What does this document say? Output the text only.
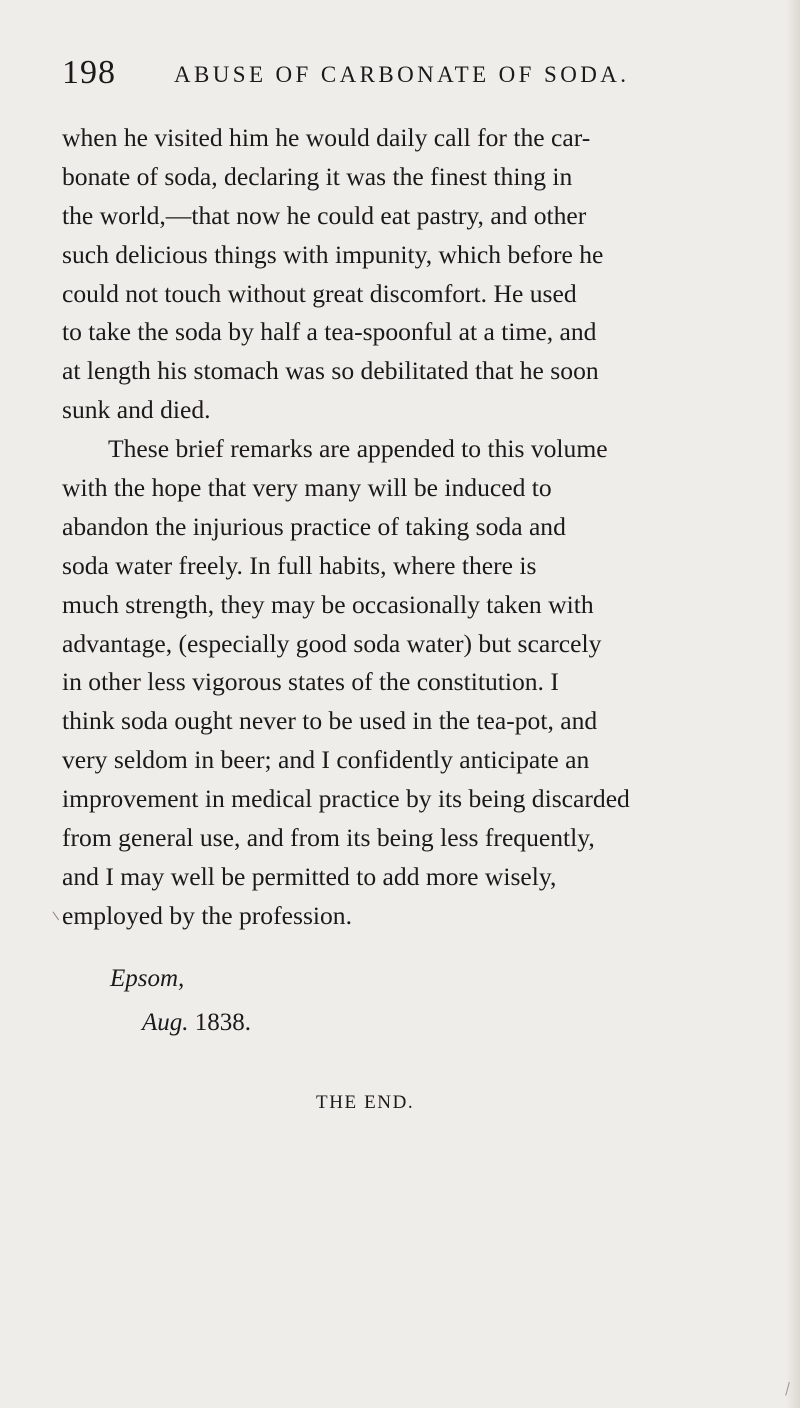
198	ABUSE OF CARBONATE OF SODA.
when he visited him he would daily call for the car-
bonate of soda, declaring it was the finest thing in
the world,—that now he could eat pastry, and other
such delicious things with impunity, which before he
could not touch without great discomfort. He used
to take the soda by half a tea-spoonful at a time, and
at length his stomach was so debilitated that he soon
sunk and died.
These brief remarks are appended to this volume
with the hope that very many will be induced to
abandon the injurious practice of taking soda and
soda water freely. In full habits, where there is
much strength, they may be occasionally taken with
advantage, (especially good soda water) but scarcely
in other less vigorous states of the constitution. I
think soda ought never to be used in the tea-pot, and
very seldom in beer; and I confidently anticipate an
improvement in medical practice by its being discarded
from general use, and from its being less frequently,
and I may well be permitted to add more wisely,
employed by the profession.
Epsom,
Aug. 1838.
THE END.
